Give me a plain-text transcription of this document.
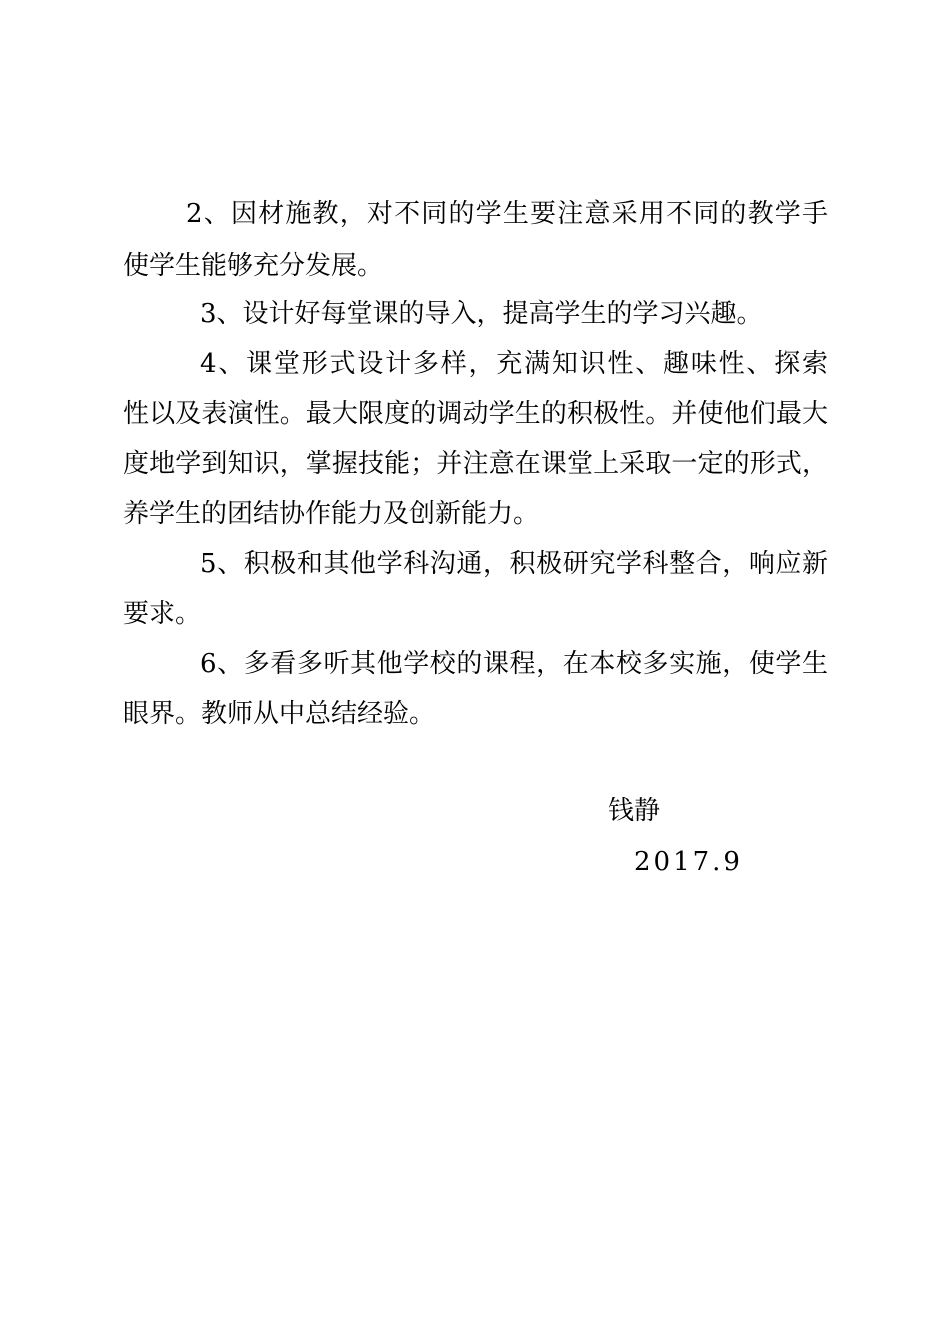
2、因材施教，对不同的学生要注意采用不同的教学手
使学生能够充分发展。
3、设计好每堂课的导入，提高学生的学习兴趣。
4、课堂形式设计多样，充满知识性、趣味性、探索
性以及表演性。最大限度的调动学生的积极性。并使他们最大
度地学到知识，掌握技能；并注意在课堂上采取一定的形式，
养学生的团结协作能力及创新能力。
5、积极和其他学科沟通，积极研究学科整合，响应新
要求。
6、多看多听其他学校的课程，在本校多实施，使学生
眼界。教师从中总结经验。
钱静
2017.9
